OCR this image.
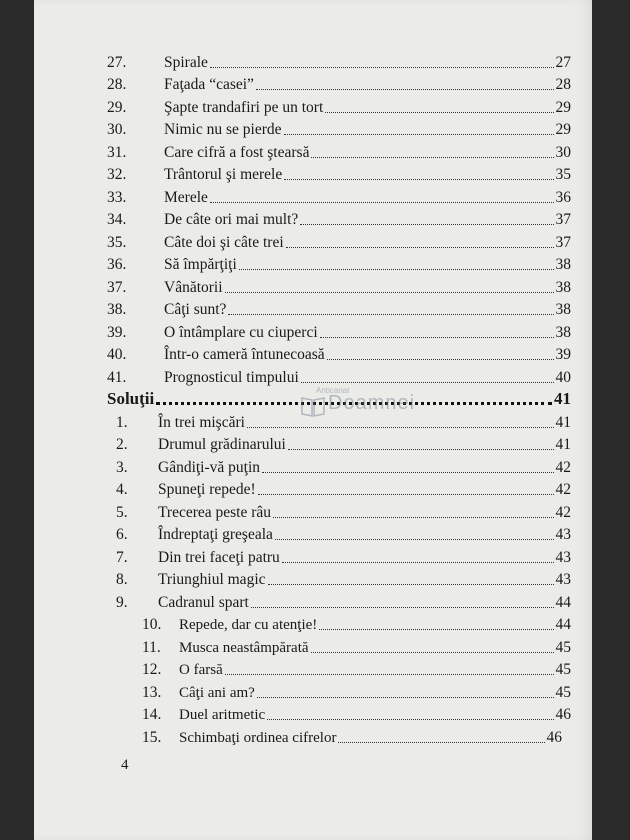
27. Spirale	27
28. Faţada “casei”	28
29. Şapte trandafiri pe un tort	29
30. Nimic nu se pierde	29
31. Care cifră a fost ştearsă	30
32. Trântorul şi merele	35
33. Merele	36
34. De câte ori mai mult?	37
35. Câte doi şi câte trei	37
36. Să împărţiţi	38
37. Vânătorii	38
38. Câţi sunt?	38
39. O întâmplare cu ciuperci	38
40. Într-o cameră întunecoasă	39
41. Prognosticul timpului	40
Soluţii	41
1. În trei mişcări	41
2. Drumul grădinarului	41
3. Gândiţi-vă puţin	42
4. Spuneţi repede!	42
5. Trecerea peste râu	42
6. Îndreptaţi greşeala	43
7. Din trei faceţi patru	43
8. Triunghiul magic	43
9. Cadranul spart	44
10. Repede, dar cu atenţie!	44
11. Musca neastâmpărată	45
12. O farsă	45
13. Câţi ani am?	45
14. Duel aritmetic	46
15. Schimbaţi ordinea cifrelor	46
4
Anticariat
Doamnei
